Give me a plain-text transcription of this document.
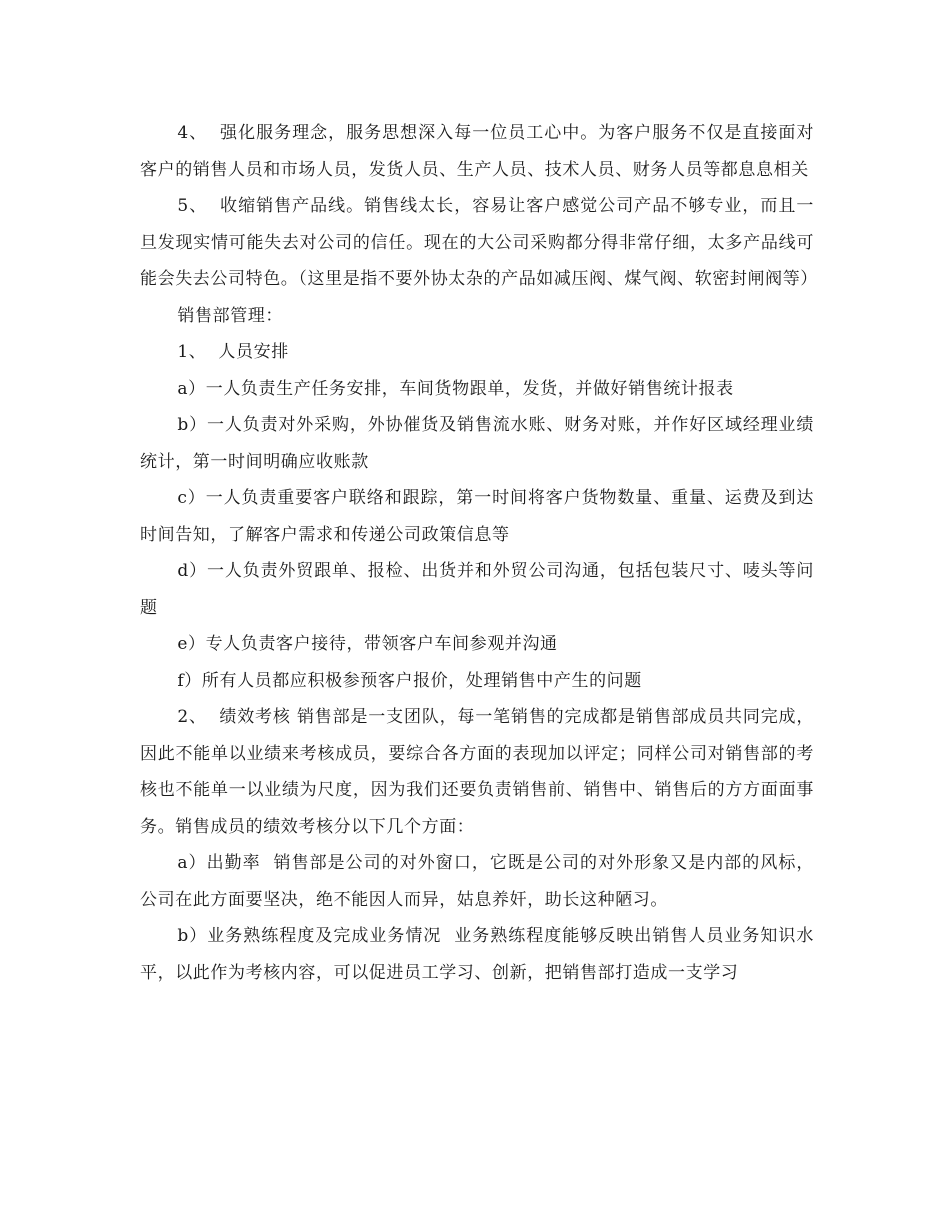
4、  强化服务理念，服务思想深入每一位员工心中。为客户服务不仅是直接面对客户的销售人员和市场人员，发货人员、生产人员、技术人员、财务人员等都息息相关

5、  收缩销售产品线。销售线太长，容易让客户感觉公司产品不够专业，而且一旦发现实情可能失去对公司的信任。现在的大公司采购都分得非常仔细，太多产品线可能会失去公司特色。（这里是指不要外协太杂的产品如减压阀、煤气阀、软密封闸阀等）

销售部管理：

1、  人员安排

a）一人负责生产任务安排，车间货物跟单，发货，并做好销售统计报表

b）一人负责对外采购，外协催货及销售流水账、财务对账，并作好区域经理业绩统计，第一时间明确应收账款

c）一人负责重要客户联络和跟踪，第一时间将客户货物数量、重量、运费及到达时间告知，了解客户需求和传递公司政策信息等

d）一人负责外贸跟单、报检、出货并和外贸公司沟通，包括包装尺寸、唛头等问题

e）专人负责客户接待，带领客户车间参观并沟通

f）所有人员都应积极参预客户报价，处理销售中产生的问题

2、  绩效考核 销售部是一支团队，每一笔销售的完成都是销售部成员共同完成，因此不能单以业绩来考核成员，要综合各方面的表现加以评定；同样公司对销售部的考核也不能单一以业绩为尺度，因为我们还要负责销售前、销售中、销售后的方方面面事务。销售成员的绩效考核分以下几个方面：

a）出勤率  销售部是公司的对外窗口，它既是公司的对外形象又是内部的风标，公司在此方面要坚决，绝不能因人而异，姑息养奸，助长这种陋习。

b）业务熟练程度及完成业务情况  业务熟练程度能够反映出销售人员业务知识水平，以此作为考核内容，可以促进员工学习、创新，把销售部打造成一支学习
